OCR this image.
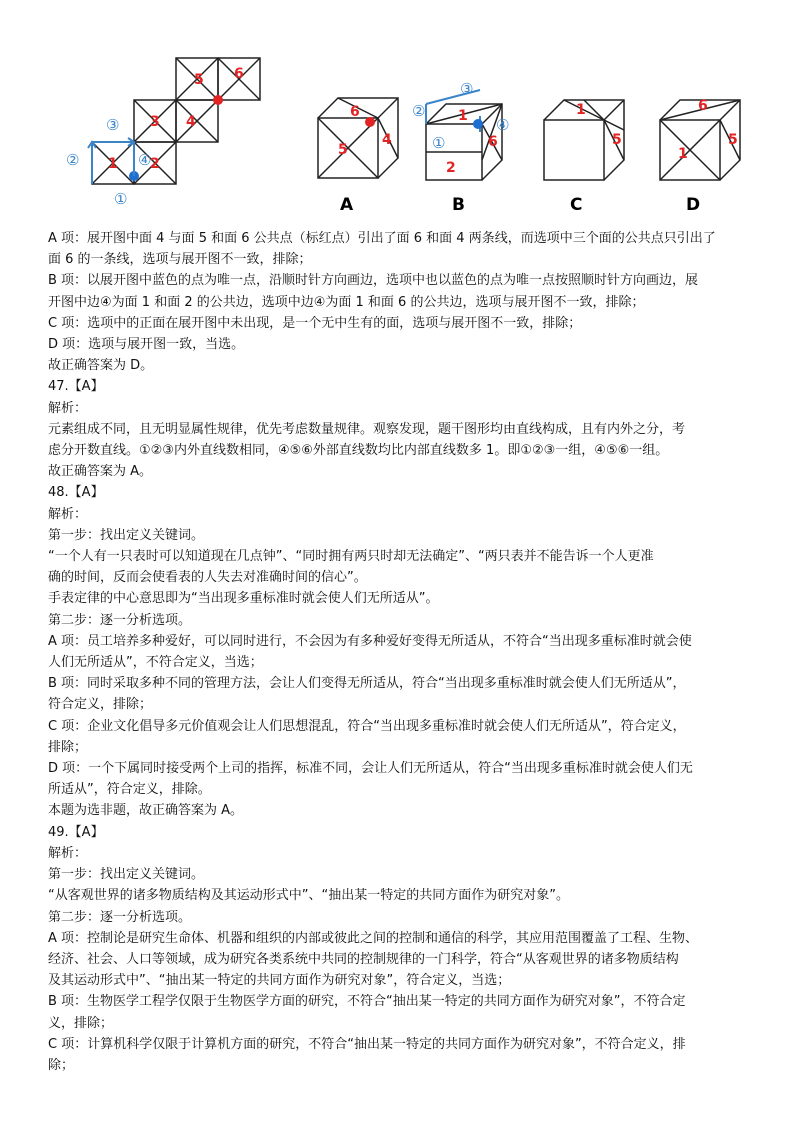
1 2
3 4
5 6
①
②
③
④
6
4
5
1
6
2
③
②
①
④
1
5
6
1
5
A	B	C	D
A 项：展开图中面 4 与面 5 和面 6 公共点（标红点）引出了面 6 和面 4 两条线，而选项中三个面的公共点只引出了
面 6 的一条线，选项与展开图不一致，排除；
B 项：以展开图中蓝色的点为唯一点，沿顺时针方向画边，选项中也以蓝色的点为唯一点按照顺时针方向画边，展
开图中边④为面 1 和面 2 的公共边，选项中边④为面 1 和面 6 的公共边，选项与展开图不一致，排除；
C 项：选项中的正面在展开图中未出现，是一个无中生有的面，选项与展开图不一致，排除；
D 项：选项与展开图一致，当选。
故正确答案为 D。
47.【A】
解析：
元素组成不同，且无明显属性规律，优先考虑数量规律。观察发现，题干图形均由直线构成，且有内外之分，考
虑分开数直线。①②③内外直线数相同，④⑤⑥外部直线数均比内部直线数多 1。即①②③一组，④⑤⑥一组。
故正确答案为 A。
48.【A】
解析：
第一步：找出定义关键词。
“一个人有一只表时可以知道现在几点钟”、“同时拥有两只时却无法确定”、“两只表并不能告诉一个人更准
确的时间，反而会使看表的人失去对准确时间的信心”。
手表定律的中心意思即为“当出现多重标准时就会使人们无所适从”。
第二步：逐一分析选项。
A 项：员工培养多种爱好，可以同时进行，不会因为有多种爱好变得无所适从，不符合“当出现多重标准时就会使
人们无所适从”，不符合定义，当选；
B 项：同时采取多种不同的管理方法，会让人们变得无所适从，符合“当出现多重标准时就会使人们无所适从”，
符合定义，排除；
C 项：企业文化倡导多元价值观会让人们思想混乱，符合“当出现多重标准时就会使人们无所适从”，符合定义，
排除；
D 项：一个下属同时接受两个上司的指挥，标准不同，会让人们无所适从，符合“当出现多重标准时就会使人们无
所适从”，符合定义，排除。
本题为选非题，故正确答案为 A。
49.【A】
解析：
第一步：找出定义关键词。
“从客观世界的诸多物质结构及其运动形式中”、“抽出某一特定的共同方面作为研究对象”。
第二步：逐一分析选项。
A 项：控制论是研究生命体、机器和组织的内部或彼此之间的控制和通信的科学，其应用范围覆盖了工程、生物、
经济、社会、人口等领域，成为研究各类系统中共同的控制规律的一门科学，符合“从客观世界的诸多物质结构
及其运动形式中”、“抽出某一特定的共同方面作为研究对象”，符合定义，当选；
B 项：生物医学工程学仅限于生物医学方面的研究，不符合“抽出某一特定的共同方面作为研究对象”，不符合定
义，排除；
C 项：计算机科学仅限于计算机方面的研究，不符合“抽出某一特定的共同方面作为研究对象”，不符合定义，排
除；
